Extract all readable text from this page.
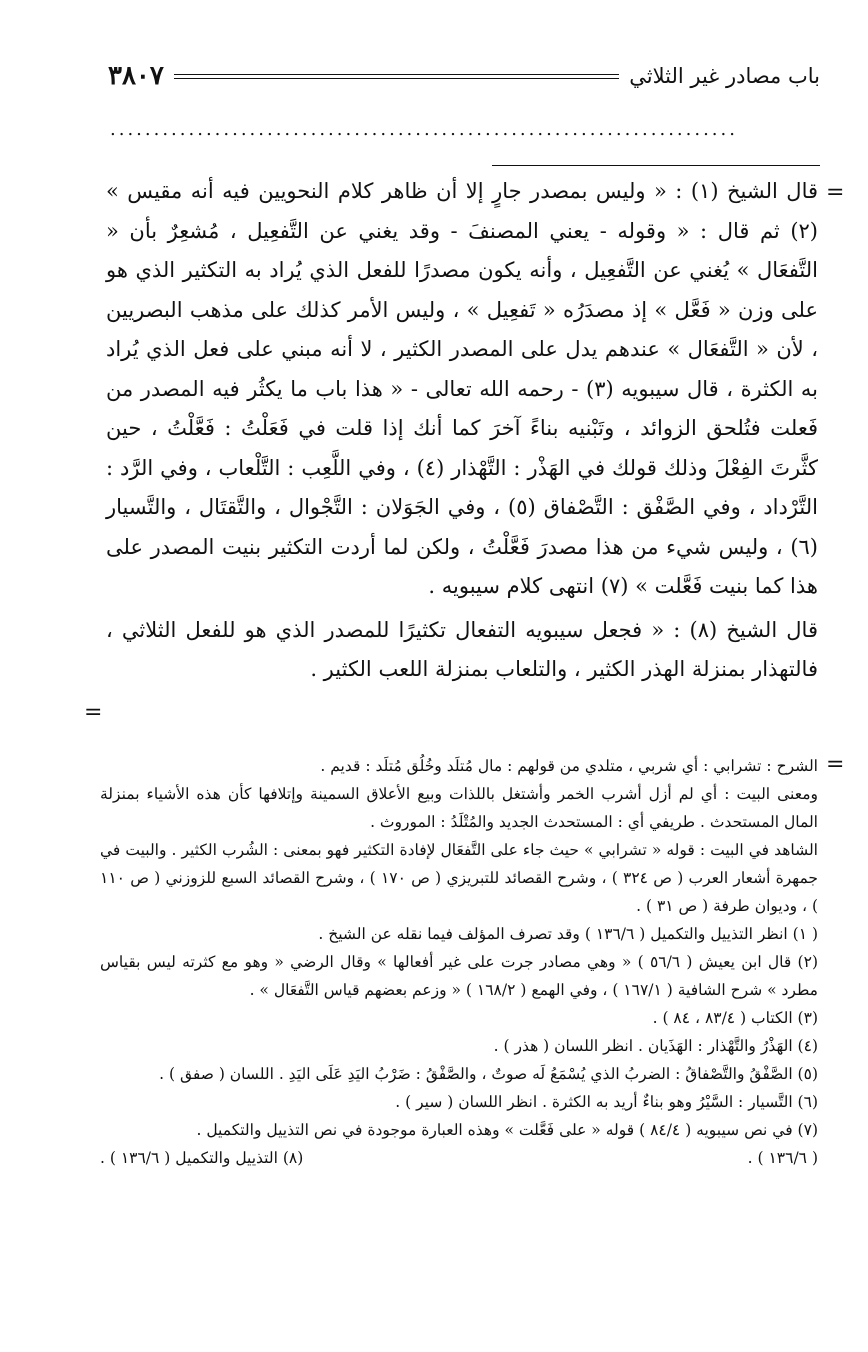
باب مصادر غير الثلاثي
٣٨٠٧
........................................................................
=
=
=

قال الشيخ (١) : « وليس بمصدر جارٍ إلا أن ظاهر كلام النحويين فيه أنه مقيس » (٢) ثم قال : « وقوله - يعني المصنفَ - وقد يغني عن التَّفعِيل ، مُشعِرٌ بأن « التَّفعَال » يُغني عن التَّفعِيل ، وأنه يكون مصدرًا للفعل الذي يُراد به التكثير الذي هو على وزن « فَعَّل » إذ مصدَرُه « تَفعِيل » ، وليس الأمر كذلك على مذهب البصريين ، لأن « التَّفعَال » عندهم يدل على المصدر الكثير ، لا أنه مبني على فعل الذي يُراد به الكثرة ، قال سيبويه (٣) - رحمه الله تعالى - « هذا باب ما يكثُر فيه المصدر من فَعلت فتُلحق الزوائد ، وتَبْنيه بناءً آخرَ كما أنك إذا قلت في فَعَلْتُ : فَعَّلْتُ ، حين كثَّرتَ الفِعْلَ وذلك قولك في الهَذْر : التَّهْذار (٤) ، وفي اللَّعِب : التَّلْعاب ، وفي الرَّد : التَّرْداد ، وفي الصَّفْق : التَّصْفاق (٥) ، وفي الجَوَلان : التَّجْوال ، والتَّقتَال ، والتَّسيار (٦) ، وليس شيء من هذا مصدرَ فَعَّلْتُ ، ولكن لما أردت التكثير بنيت المصدر على هذا كما بنيت فَعَّلت » (٧) انتهى كلام سيبويه .

قال الشيخ (٨) : « فجعل سيبويه التفعال تكثيرًا للمصدر الذي هو للفعل الثلاثي ، فالتهذار بمنزلة الهذر الكثير ، والتلعاب بمنزلة اللعب الكثير .

الشرح : تشرابي : أي شربي ، متلدي من قولهم : مال مُتلَد وخُلُق مُتلَد : قديم .

ومعنى البيت : أي لم أزل أشرب الخمر وأشتغل باللذات وبيع الأعلاق السمينة وإتلافها كأن هذه الأشياء بمنزلة المال المستحدث . طريفي أي : المستحدث الجديد والمُتْلَدُ : الموروث .

الشاهد في البيت : قوله « تشرابي » حيث جاء على التَّفعَال لإفادة التكثير فهو بمعنى : الشُرب الكثير . والبيت في جمهرة أشعار العرب ( ص ٣٢٤ ) ، وشرح القصائد للتبريزي ( ص ١٧٠ ) ، وشرح القصائد السبع للزوزني ( ص ١١٠ ) ، وديوان طرفة ( ص ٣١ ) .

( ١) انظر التذييل والتكميل ( ١٣٦/٦ ) وقد تصرف المؤلف فيما نقله عن الشيخ .

(٢) قال ابن يعيش ( ٥٦/٦ ) « وهي مصادر جرت على غير أفعالها » وقال الرضي « وهو مع كثرته ليس بقياس مطرد » شرح الشافية ( ١٦٧/١ ) ، وفي الهمع ( ١٦٨/٢ ) « وزعم بعضهم قياس التَّفعَال » .

(٣) الكتاب ( ٨٣/٤ ، ٨٤ ) .

(٤) الهَذْرُ والتَّهْذار : الهَذَيان . انظر اللسان ( هذر ) .

(٥) الصَّفْقُ والتَّصْفاقُ : الضربُ الذي يُسْمَعُ لَه صوتٌ ، والصَّفْقُ : ضَرْبُ اليَدِ عَلَى اليَدِ . اللسان ( صفق ) .

(٦) التَّسيار : السَّيْرُ وهو بناءٌ أريد به الكثرة . انظر اللسان ( سير ) .

(٧) في نص سيبويه ( ٨٤/٤ ) قوله « على فَعَّلت » وهذه العبارة موجودة في نص التذييل والتكميل .

( ١٣٦/٦ ) .
(٨) التذييل والتكميل ( ١٣٦/٦ ) .
